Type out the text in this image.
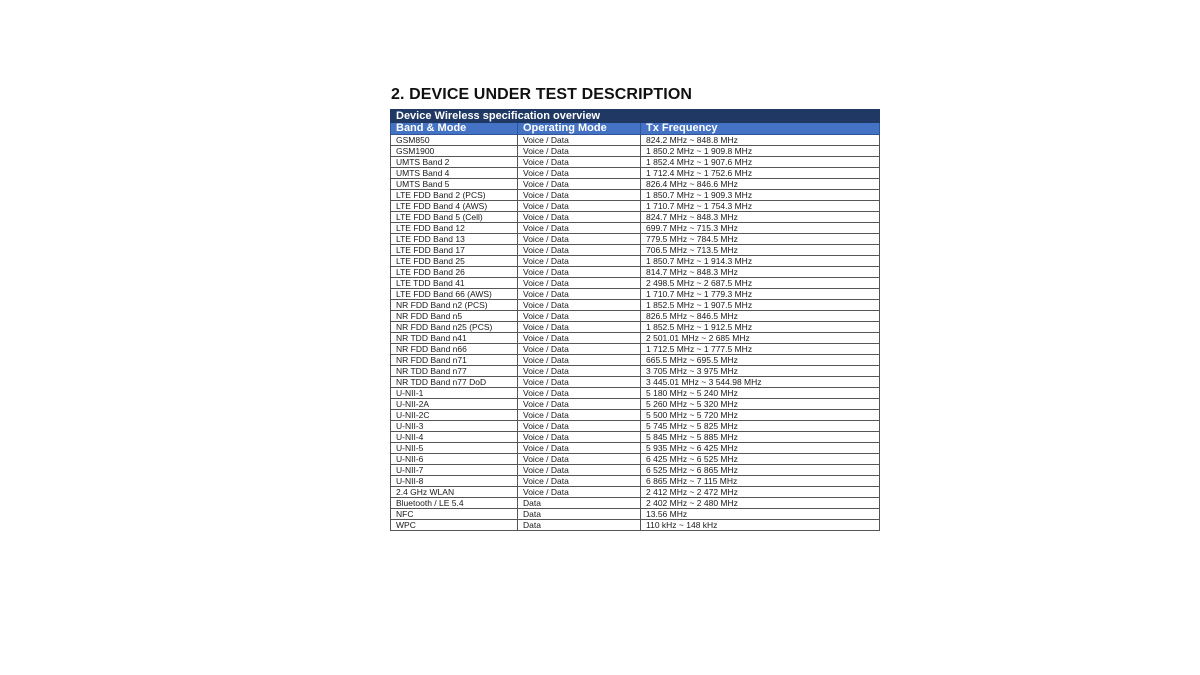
2. DEVICE UNDER TEST DESCRIPTION
Device Wireless specification overview		
Band & Mode	Operating Mode	Tx Frequency
GSM850	Voice / Data	824.2 MHz ~ 848.8 MHz
GSM1900	Voice / Data	1 850.2 MHz ~ 1 909.8 MHz
UMTS Band 2	Voice / Data	1 852.4 MHz ~ 1 907.6 MHz
UMTS Band 4	Voice / Data	1 712.4 MHz ~ 1 752.6 MHz
UMTS Band 5	Voice / Data	826.4 MHz ~ 846.6 MHz
LTE FDD Band 2 (PCS)	Voice / Data	1 850.7 MHz ~ 1 909.3 MHz
LTE FDD Band 4 (AWS)	Voice / Data	1 710.7 MHz ~ 1 754.3 MHz
LTE FDD Band 5 (Cell)	Voice / Data	824.7 MHz ~ 848.3 MHz
LTE FDD Band 12	Voice / Data	699.7 MHz ~ 715.3 MHz
LTE FDD Band 13	Voice / Data	779.5 MHz ~ 784.5 MHz
LTE FDD Band 17	Voice / Data	706.5 MHz ~ 713.5 MHz
LTE FDD Band 25	Voice / Data	1 850.7 MHz ~ 1 914.3 MHz
LTE FDD Band 26	Voice / Data	814.7 MHz ~ 848.3 MHz
LTE TDD Band 41	Voice / Data	2 498.5 MHz ~ 2 687.5 MHz
LTE FDD Band 66 (AWS)	Voice / Data	1 710.7 MHz ~ 1 779.3 MHz
NR FDD Band n2 (PCS)	Voice / Data	1 852.5 MHz ~ 1 907.5 MHz
NR FDD Band n5	Voice / Data	826.5 MHz ~ 846.5 MHz
NR FDD Band n25 (PCS)	Voice / Data	1 852.5 MHz ~ 1 912.5 MHz
NR TDD Band n41	Voice / Data	2 501.01 MHz ~ 2 685 MHz
NR FDD Band n66	Voice / Data	1 712.5 MHz ~ 1 777.5 MHz
NR FDD Band n71	Voice / Data	665.5 MHz ~ 695.5 MHz
NR TDD Band n77	Voice / Data	3 705 MHz ~ 3 975 MHz
NR TDD Band n77 DoD	Voice / Data	3 445.01 MHz ~ 3 544.98 MHz
U-NII-1	Voice / Data	5 180 MHz ~ 5 240 MHz
U-NII-2A	Voice / Data	5 260 MHz ~ 5 320 MHz
U-NII-2C	Voice / Data	5 500 MHz ~ 5 720 MHz
U-NII-3	Voice / Data	5 745 MHz ~ 5 825 MHz
U-NII-4	Voice / Data	5 845 MHz ~ 5 885 MHz
U-NII-5	Voice / Data	5 935 MHz ~ 6 425 MHz
U-NII-6	Voice / Data	6 425 MHz ~ 6 525 MHz
U-NII-7	Voice / Data	6 525 MHz ~ 6 865 MHz
U-NII-8	Voice / Data	6 865 MHz ~ 7 115 MHz
2.4 GHz WLAN	Voice / Data	2 412 MHz ~ 2 472 MHz
Bluetooth / LE 5.4	Data	2 402 MHz ~ 2 480 MHz
NFC	Data	13.56 MHz
WPC	Data	110 kHz ~ 148 kHz
